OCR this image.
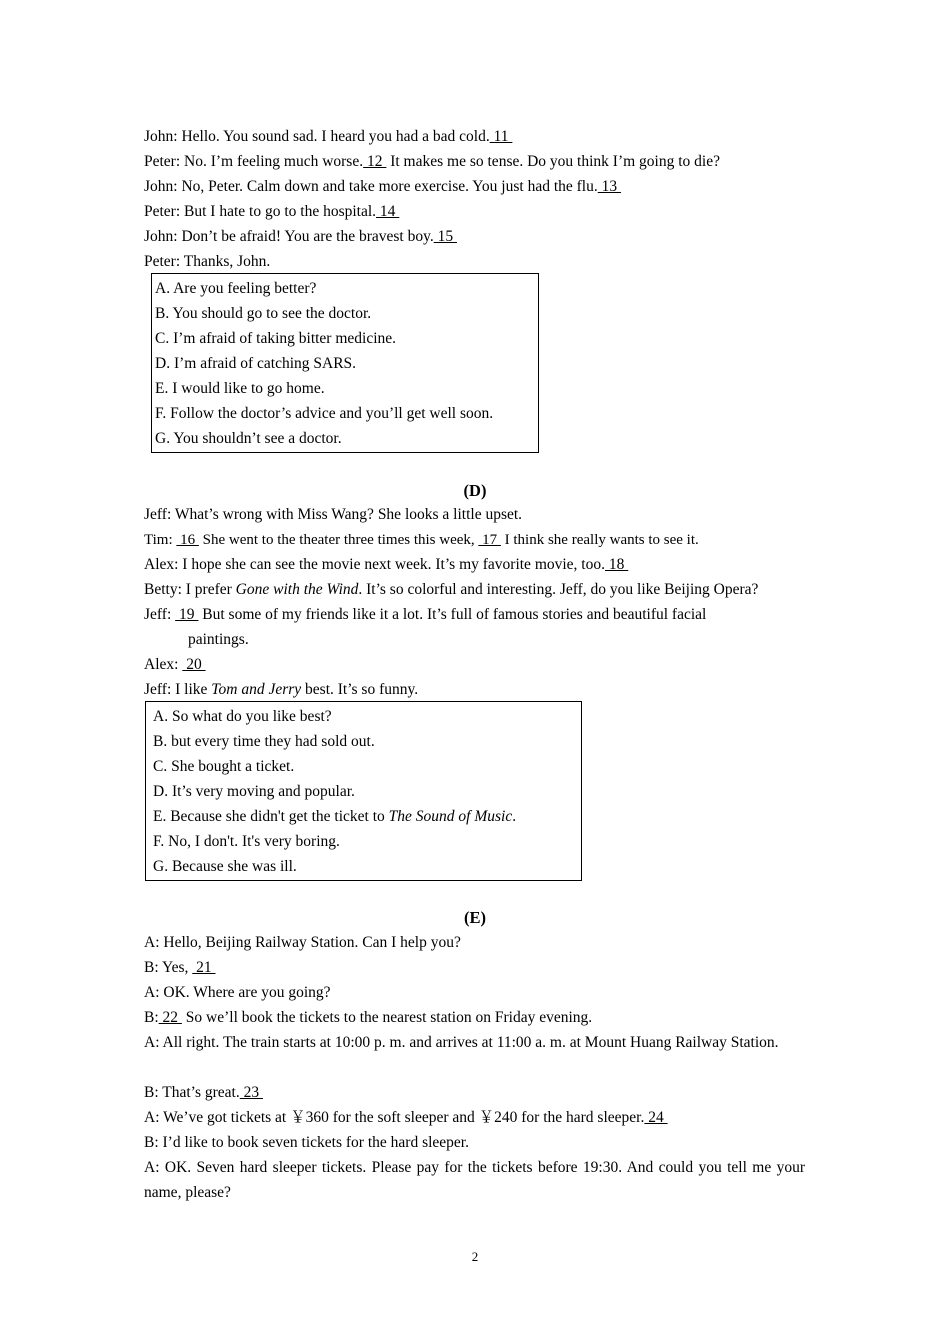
John: Hello. You sound sad. I heard you had a bad cold. 11
Peter: No. I’m feeling much worse. 12  It makes me so tense. Do you think I’m going to die?
John: No, Peter. Calm down and take more exercise. You just had the flu. 13
Peter: But I hate to go to the hospital. 14
John: Don’t be afraid! You are the bravest boy. 15
Peter: Thanks, John.
A. Are you feeling better?
B. You should go to see the doctor.
C. I’m afraid of taking bitter medicine.
D. I’m afraid of catching SARS.
E. I would like to go home.
F. Follow the doctor’s advice and you’ll get well soon.
G. You shouldn’t see a doctor.
(D)
Jeff: What’s wrong with Miss Wang? She looks a little upset.
Tim:  16  She went to the theater three times this week,  17  I think she really wants to see it.
Alex: I hope she can see the movie next week. It’s my favorite movie, too. 18
Betty: I prefer Gone with the Wind. It’s so colorful and interesting. Jeff, do you like Beijing Opera?
Jeff:  19  But some of my friends like it a lot. It’s full of famous stories and beautiful facial
paintings.
Alex:  20
Jeff: I like Tom and Jerry best. It’s so funny.
A. So what do you like best?
B. but every time they had sold out.
C. She bought a ticket.
D. It’s very moving and popular.
E. Because she didn't get the ticket to The Sound of Music.
F. No, I don't. It's very boring.
G. Because she was ill.
(E)
A: Hello, Beijing Railway Station. Can I help you?
B: Yes,  21
A: OK. Where are you going?
B: 22  So we’ll book the tickets to the nearest station on Friday evening.
A: All right. The train starts at 10:00 p. m. and arrives at 11:00 a. m. at Mount Huang Railway Station.
B: That’s great. 23
A: We’ve got tickets at ￥360 for the soft sleeper and ￥240 for the hard sleeper. 24
B: I’d like to book seven tickets for the hard sleeper.
A: OK. Seven hard sleeper tickets. Please pay for the tickets before 19:30. And could you tell me your name, please?
2
